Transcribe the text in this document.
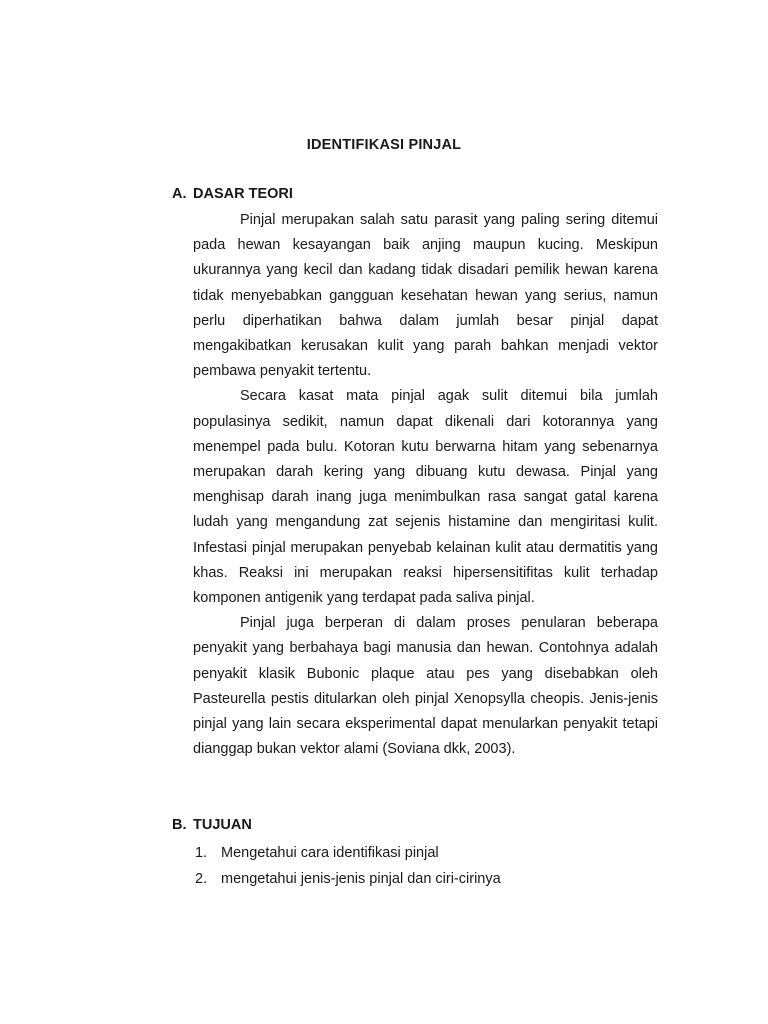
IDENTIFIKASI PINJAL
A. DASAR TEORI

Pinjal merupakan salah satu parasit yang paling sering ditemui pada hewan kesayangan baik anjing maupun kucing. Meskipun ukurannya yang kecil dan kadang tidak disadari pemilik hewan karena tidak menyebabkan gangguan kesehatan hewan yang serius, namun perlu diperhatikan bahwa dalam jumlah besar pinjal dapat mengakibatkan kerusakan kulit yang parah bahkan menjadi vektor pembawa penyakit tertentu.

Secara kasat mata pinjal agak sulit ditemui bila jumlah populasinya sedikit, namun dapat dikenali dari kotorannya yang menempel pada bulu. Kotoran kutu berwarna hitam yang sebenarnya merupakan darah kering yang dibuang kutu dewasa. Pinjal yang menghisap darah inang juga menimbulkan rasa sangat gatal karena ludah yang mengandung zat sejenis histamine dan mengiritasi kulit. Infestasi pinjal merupakan penyebab kelainan kulit atau dermatitis yang khas. Reaksi ini merupakan reaksi hipersensitifitas kulit terhadap komponen antigenik yang terdapat pada saliva pinjal.

Pinjal juga berperan di dalam proses penularan beberapa penyakit yang berbahaya bagi manusia dan hewan. Contohnya adalah penyakit klasik Bubonic plaque atau pes yang disebabkan oleh Pasteurella pestis ditularkan oleh pinjal Xenopsylla cheopis. Jenis-jenis pinjal yang lain secara eksperimental dapat menularkan penyakit tetapi dianggap bukan vektor alami (Soviana dkk, 2003).

B. TUJUAN
1. Mengetahui cara identifikasi pinjal
2. mengetahui jenis-jenis pinjal dan ciri-cirinya
